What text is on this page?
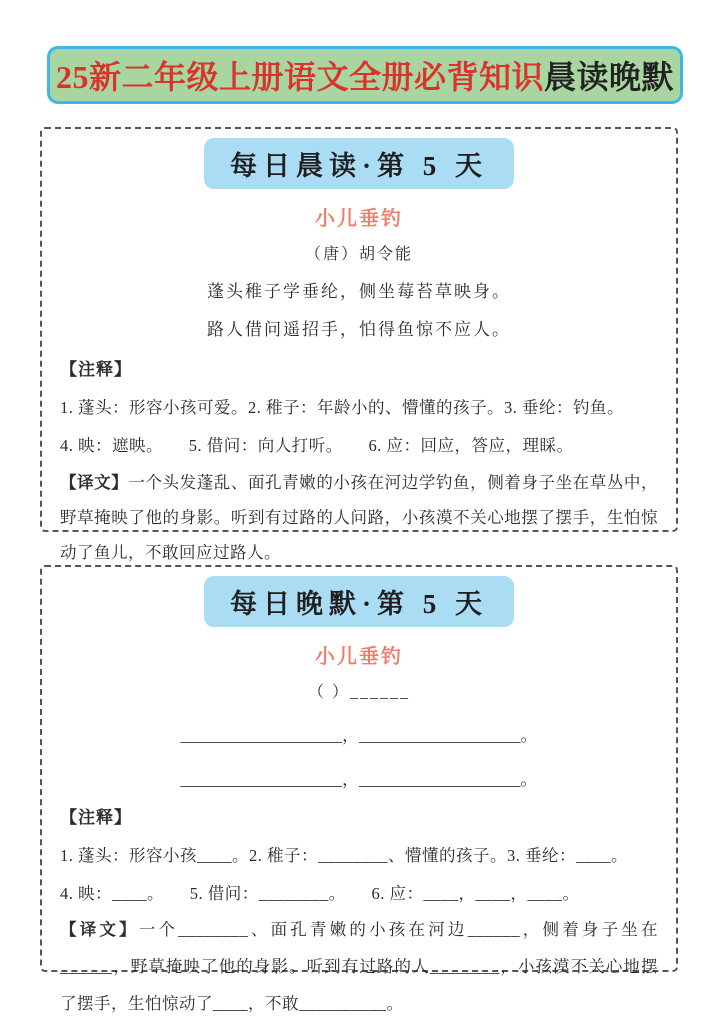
25新二年级上册语文全册必背知识 晨读晚默
每日晨读·第 5 天
小儿垂钓
（唐）胡令能
蓬头稚子学垂纶，侧坐莓苔草映身。
路人借问遥招手，怕得鱼惊不应人。
【注释】
1. 蓬头：形容小孩可爱。2. 稚子：年龄小的、懵懂的孩子。3. 垂纶：钓鱼。
4. 映：遮映。　　5. 借问：向人打听。　　6. 应：回应，答应，理睬。

【译文】一个头发蓬乱、面孔青嫩的小孩在河边学钓鱼，侧着身子坐在草丛中，野草掩映了他的身影。听到有过路的人问路，小孩漠不关心地摆了摆手，生怕惊动了鱼儿，不敢回应过路人。

每日晚默·第 5 天
小儿垂钓
（ ）______
___________________，___________________。
___________________，___________________。
【注释】
1. 蓬头：形容小孩____。2. 稚子：________、懵懂的孩子。3. 垂纶：____。
4. 映：____。　　5. 借问：________。　　6. 应：____，____，____。

【译文】一个________、面孔青嫩的小孩在河边______，侧着身子坐在______，野草掩映了他的身影。听到有过路的人________，小孩漠不关心地摆了摆手，生怕惊动了____，不敢__________。
